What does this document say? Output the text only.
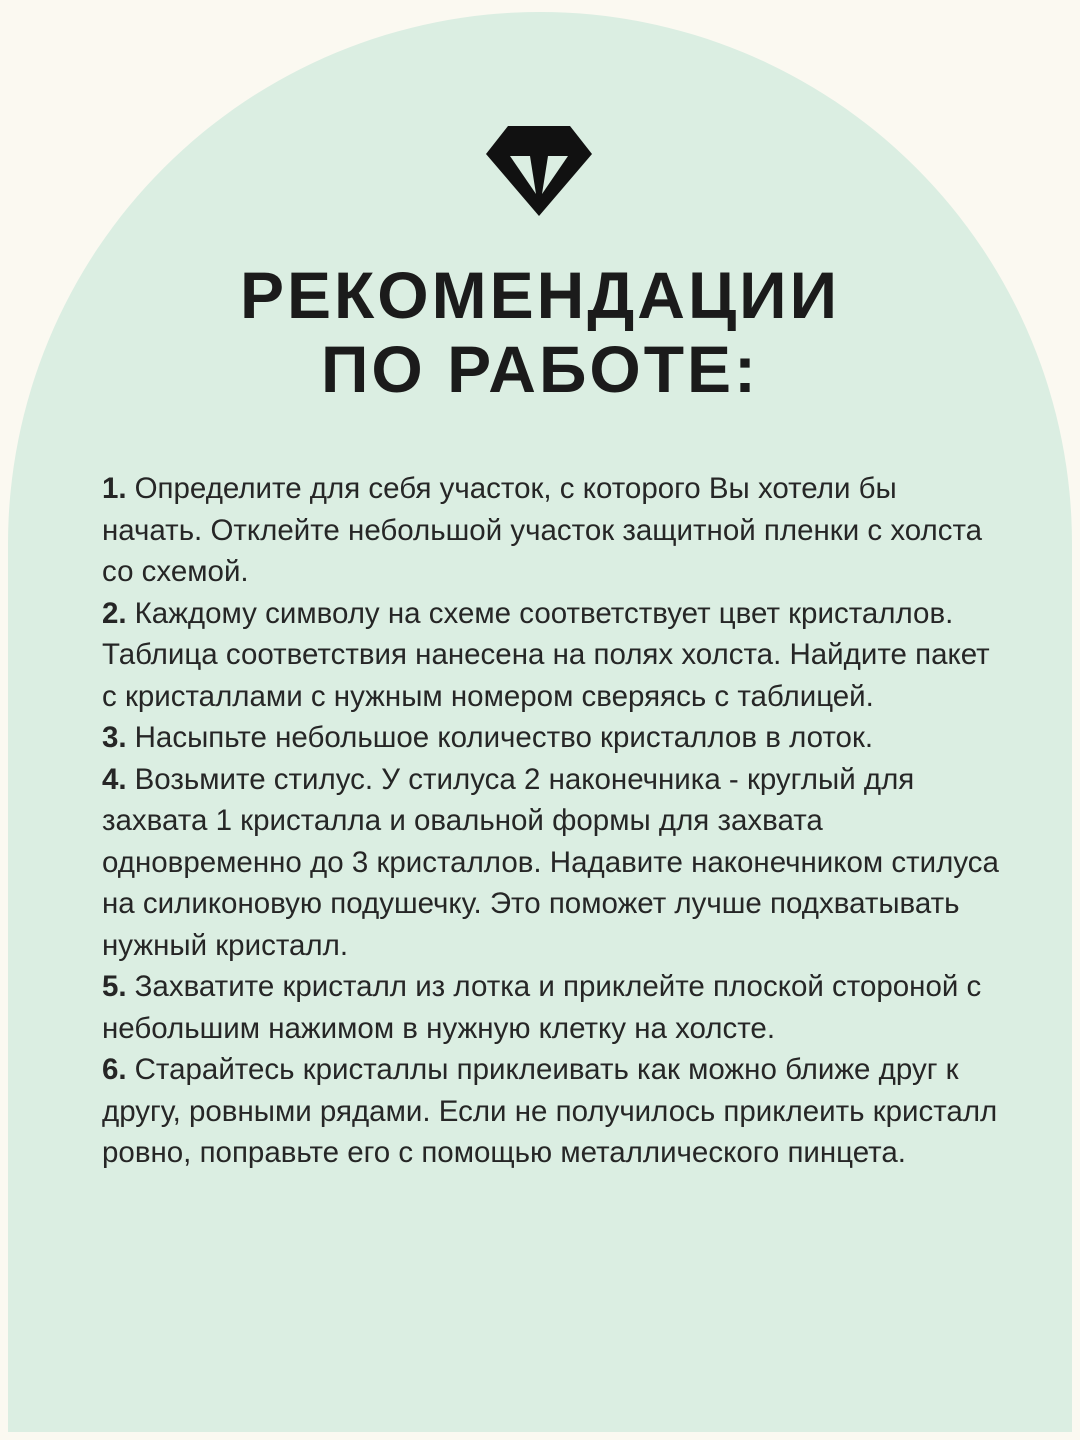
РЕКОМЕНДАЦИИ
ПО РАБОТЕ:
1. Определите для себя участок, с которого Вы хотели бы начать. Отклейте небольшой участок защитной пленки с холста со схемой.
2. Каждому символу на схеме соответствует цвет кристаллов. Таблица соответствия нанесена на полях холста. Найдите пакет с кристаллами с нужным номером сверяясь с таблицей.
3. Насыпьте небольшое количество кристаллов в лоток.
4. Возьмите стилус. У стилуса 2 наконечника - круглый для захвата 1 кристалла и овальной формы для захвата одновременно до 3 кристаллов. Надавите наконечником стилуса на силиконовую подушечку. Это поможет лучше подхватывать нужный кристалл.
5. Захватите кристалл из лотка и приклейте плоской стороной с небольшим нажимом в нужную клетку на холсте.
6. Старайтесь кристаллы приклеивать как можно ближе друг к другу, ровными рядами. Если не получилось приклеить кристалл ровно, поправьте его с помощью металлического пинцета.
